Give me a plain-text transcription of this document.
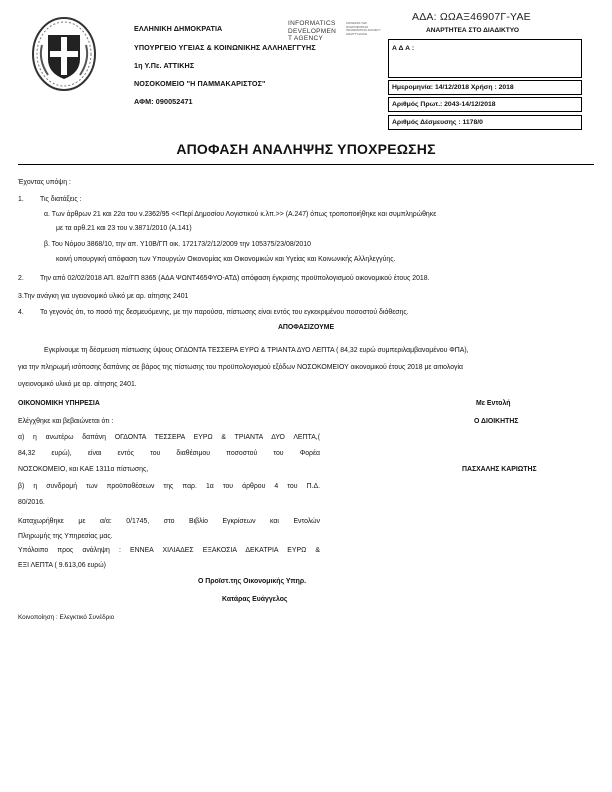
ΕΛΛΗΝΙΚΗ ΔΗΜΟΚΡΑΤΙΑ
ΥΠΟΥΡΓΕΙΟ ΥΓΕΙΑΣ & ΚΟΙΝΩΝΙΚΗΣ ΑΛΛΗΛΕΓΓΥΗΣ
1η Υ.Πε. ΑΤΤΙΚΗΣ
ΝΟΣΟΚΟΜΕΙΟ "Η ΠΑΜΜΑΚΑΡΙΣΤΟΣ"
ΑΦΜ: 090052471
INFORMATICS
DEVELOPMEN
T AGENCY
ΚΟΙΝΩΝΙΑ ΤΗΣ
ΠΛΗΡΟΦΟΡΙΑΣ
INFORMATION SOCIETY
ΑΝΑΠΤΥΞΙΑΚΗ
ΑΔΑ: ΩΩΑΞ46907Γ-ΥΑΕ
ΑΝΑΡΤΗΤΕΑ ΣΤΟ ΔΙΑΔΙΚΤΥΟ
Α Δ Α :
Ημερομηνία: 14/12/2018 Χρήση : 2018
Αριθμός Πρωτ.: 2043-14/12/2018
Αριθμός Δέσμευσης : 1178/0
ΑΠΟΦΑΣΗ ΑΝΑΛΗΨΗΣ ΥΠΟΧΡΕΩΣΗΣ
Έχοντας υπόψη :
1. Τις διατάξεις :
α. Των άρθρων 21 και 22α του ν.2362/95 <<Περί Δημοσίου Λογιστικού κ.λπ.>> (Α.247) όπως τροποποιήθηκε και συμπληρώθηκε
με τα αρθ.21 και 23 του ν.3871/2010 (Α.141)
β. Του Νόμου 3868/10, την απ. Υ10Β/ΓΠ οικ. 172173/2/12/2009 την 105375/23/08/2010
κοινή υπουργική απόφαση των Υπουργών Οικονομίας και Οικονομικών και Υγείας και Κοινωνικής Αλληλεγγύης.
2. Την από 02/02/2018 ΑΠ. 82α/ΓΠ 8365 (ΑΔΑ ΨΩΝΤ465ΦΥΟ-ΑΤΔ) απόφαση έγκρισης προϋπολογισμού οικονομικού έτους 2018.
3.Την ανάγκη για υγειονομικό υλικό με αρ. αίτησης 2401
4. Το γεγονός ότι, το ποσό της δεσμευόμενης, με την παρούσα, πίστωσης είναι εντός του εγκεκριμένου ποσοστού διάθεσης.
ΑΠΟΦΑΣΙΖΟΥΜΕ
Εγκρίνουμε τη δέσμευση πίστωσης ύψους ΟΓΔΟΝΤΑ ΤΕΣΣΕΡΑ ΕΥΡΩ & ΤΡΙΑΝΤΑ ΔΥΟ ΛΕΠΤΑ ( 84,32 ευρώ συμπεριλαμβανομένου ΦΠΑ),
για την πληρωμή ισόποσης δαπάνης σε βάρος της πίστωσης του προϋπολογισμού εξόδων ΝΟΣΟΚΟΜΕΙΟΥ οικονομικού έτους 2018 με αιτιολογία
υγειονομικό υλικό με αρ. αίτησης 2401.
ΟΙΚΟΝΟΜΙΚΗ ΥΠΗΡΕΣΙΑ
Ελέγχθηκε και βεβαιώνεται ότι :
α) η ανωτέρω δαπάνη ΟΓΔΟΝΤΑ ΤΕΣΣΕΡΑ ΕΥΡΩ & ΤΡΙΑΝΤΑ ΔΥΟ ΛΕΠΤΑ,(
84,32 ευρώ), είναι εντός του διαθέσιμου ποσοστού του Φορέα
ΝΟΣΟΚΟΜΕΙΟ, και ΚΑΕ 1311α πίστωσης,
β) η συνδρομή των προϋποθέσεων της παρ. 1α του άρθρου 4 του Π.Δ.
80/2016.
Καταχωρήθηκε με α/α: 0/1745, στο Βιβλίο Εγκρίσεων και Εντολών
Πληρωμής της Υπηρεσίας μας.
Υπόλοιπο προς ανάληψη : ΕΝΝΕΑ ΧΙΛΙΑΔΕΣ ΕΞΑΚΟΣΙΑ ΔΕΚΑΤΡΙΑ ΕΥΡΩ &
ΕΞΙ ΛΕΠΤΑ ( 9.613,06 ευρώ)
Με Εντολή
Ο ΔΙΟΙΚΗΤΗΣ
ΠΑΣΧΑΛΗΣ ΚΑΡΙΩΤΗΣ
Ο Προϊστ.της Οικονομικής Υπηρ.
Κατάρας Ευάγγελος
Κοινοποίηση : Ελεγκτικό Συνέδριο
